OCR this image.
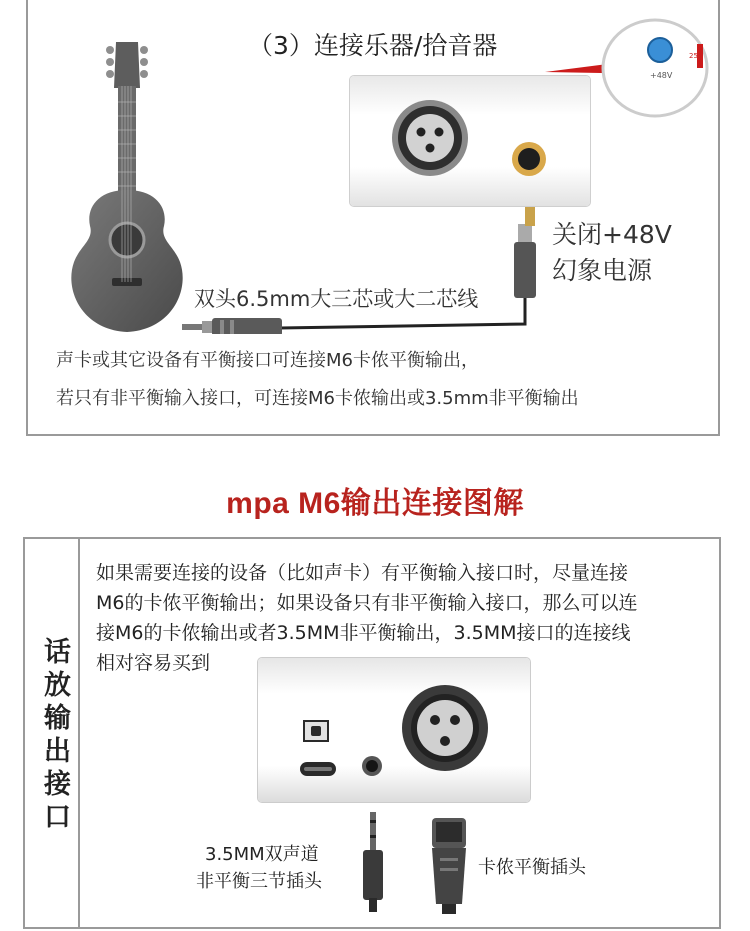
（3）连接乐器/拾音器
+48V
25
关闭+48V
幻象电源
双头6.5mm大三芯或大二芯线
声卡或其它设备有平衡接口可连接M6卡侬平衡输出，
若只有非平衡输入接口，可连接M6卡侬输出或3.5mm非平衡输出
mpa M6输出连接图解
话放输出接口
如果需要连接的设备（比如声卡）有平衡输入接口时，尽量连接
M6的卡侬平衡输出；如果设备只有非平衡输入接口，那么可以连
接M6的卡侬输出或者3.5MM非平衡输出，3.5MM接口的连接线
相对容易买到
3.5MM双声道
非平衡三节插头
卡侬平衡插头
